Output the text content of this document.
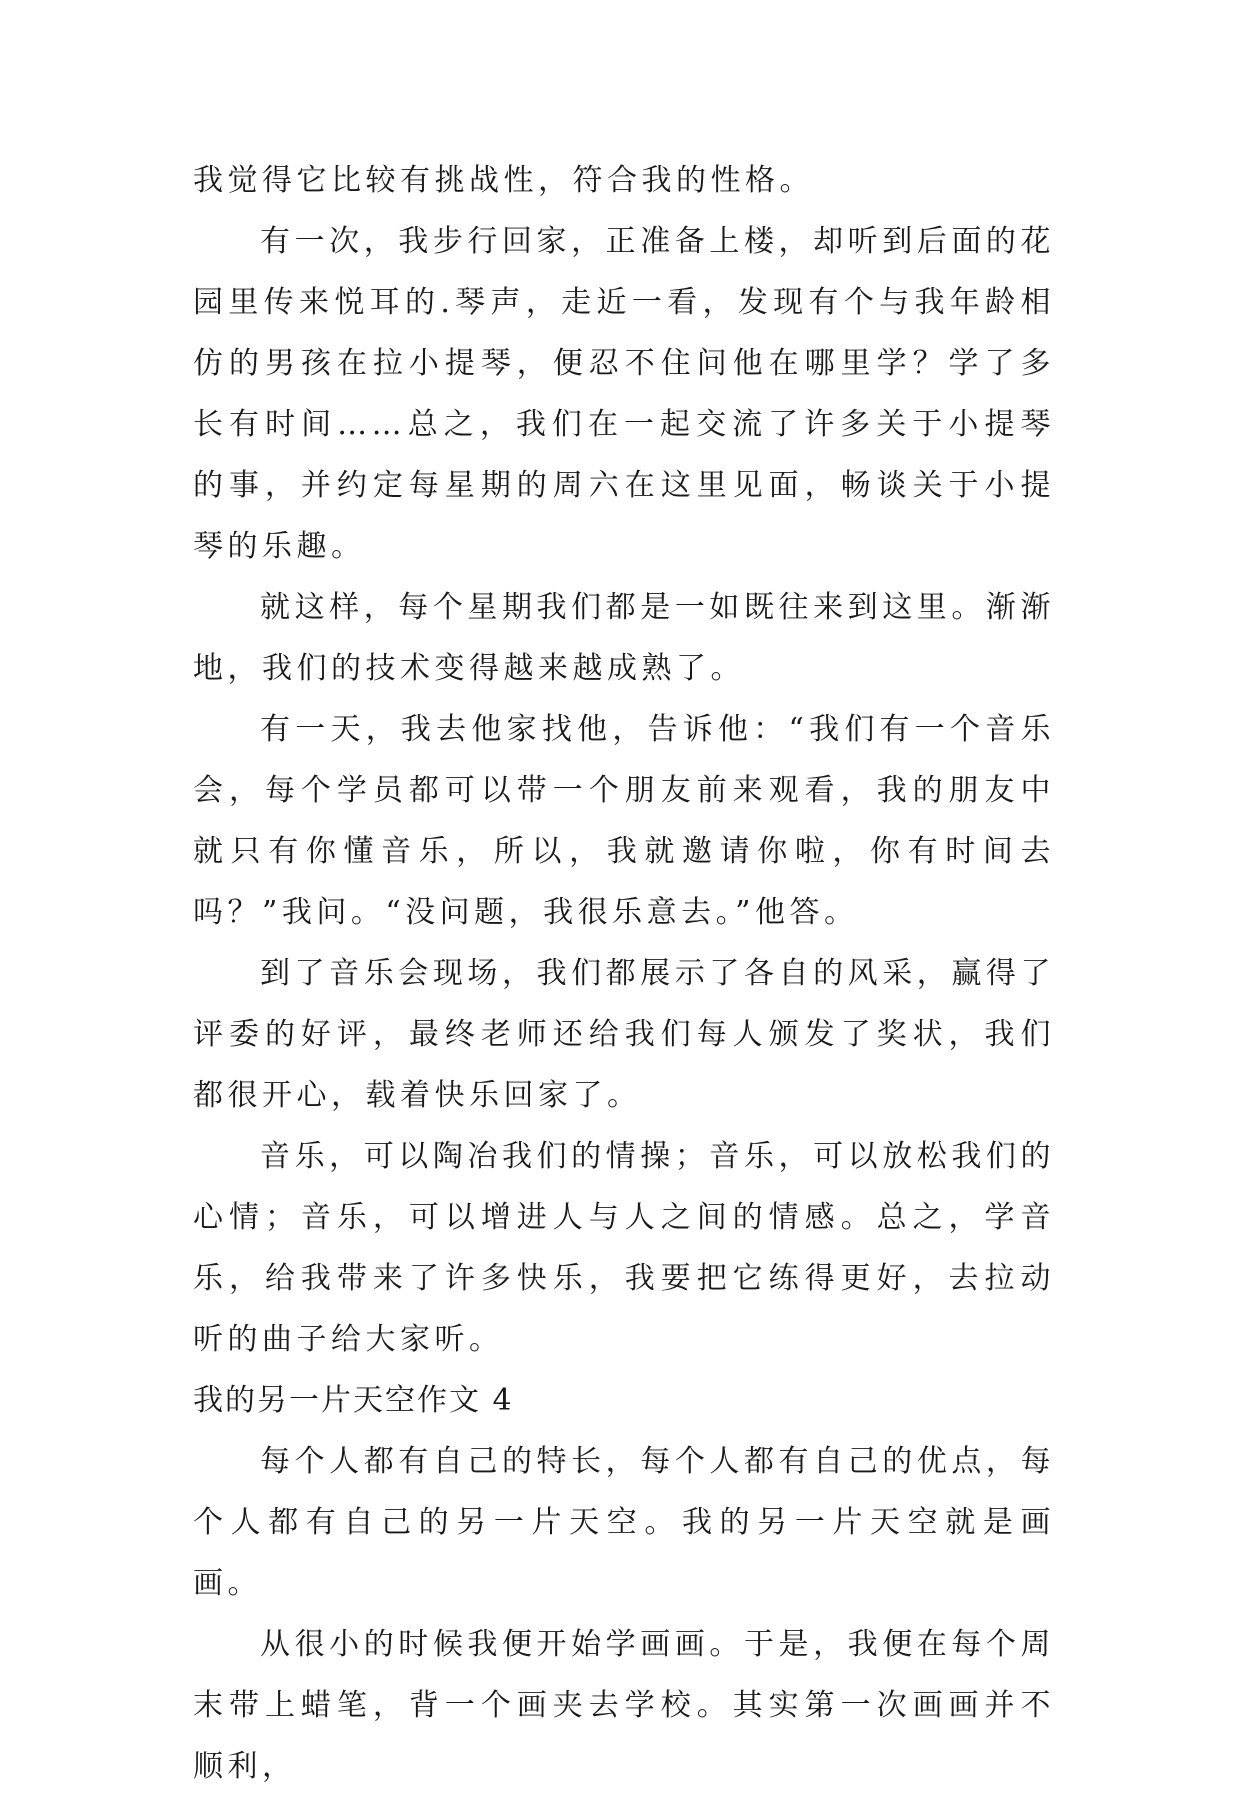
我觉得它比较有挑战性，符合我的性格。

有一次，我步行回家，正准备上楼，却听到后面的花园里传来悦耳的.琴声，走近一看，发现有个与我年龄相仿的男孩在拉小提琴，便忍不住问他在哪里学？学了多长有时间……总之，我们在一起交流了许多关于小提琴的事，并约定每星期的周六在这里见面，畅谈关于小提琴的乐趣。

就这样，每个星期我们都是一如既往来到这里。渐渐地，我们的技术变得越来越成熟了。

有一天，我去他家找他，告诉他：“我们有一个音乐会，每个学员都可以带一个朋友前来观看，我的朋友中就只有你懂音乐，所以，我就邀请你啦，你有时间去吗？”我问。“没问题，我很乐意去。”他答。

到了音乐会现场，我们都展示了各自的风采，赢得了评委的好评，最终老师还给我们每人颁发了奖状，我们都很开心，载着快乐回家了。

音乐，可以陶冶我们的情操；音乐，可以放松我们的心情；音乐，可以增进人与人之间的情感。总之，学音乐，给我带来了许多快乐，我要把它练得更好，去拉动听的曲子给大家听。

我的另一片天空作文 4

每个人都有自己的特长，每个人都有自己的优点，每个人都有自己的另一片天空。我的另一片天空就是画画。

从很小的时候我便开始学画画。于是，我便在每个周末带上蜡笔，背一个画夹去学校。其实第一次画画并不顺利，
